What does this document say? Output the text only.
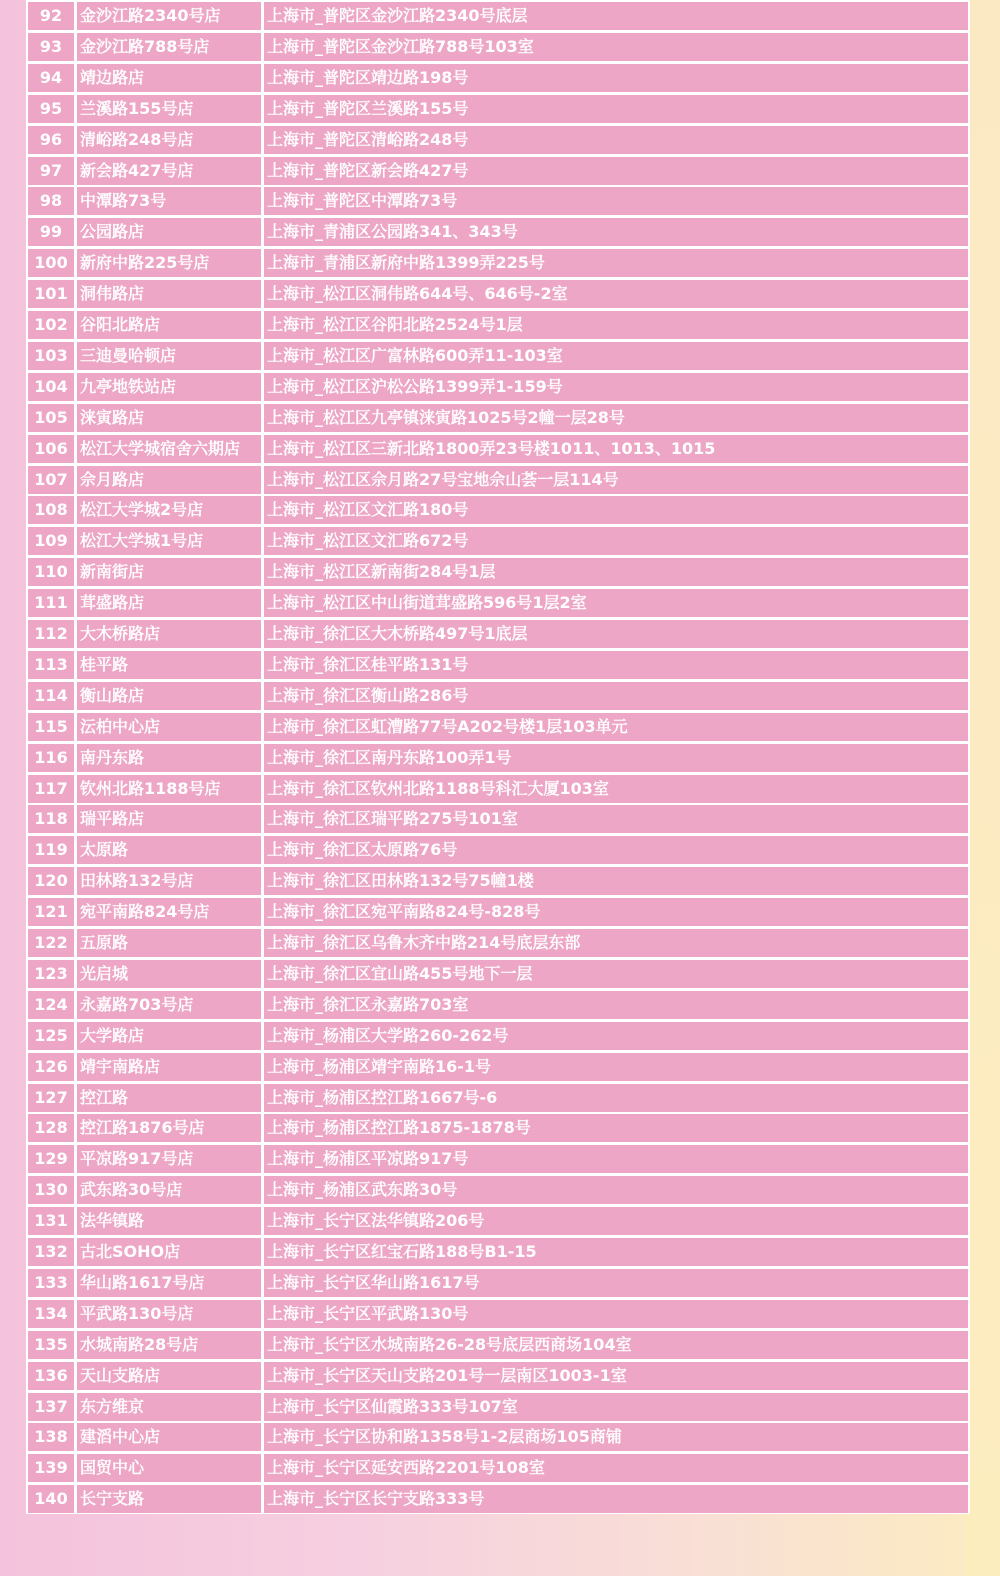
92	金沙江路2340号店	上海市_普陀区金沙江路2340号底层
93	金沙江路788号店	上海市_普陀区金沙江路788号103室
94	靖边路店	上海市_普陀区靖边路198号
95	兰溪路155号店	上海市_普陀区兰溪路155号
96	清峪路248号店	上海市_普陀区清峪路248号
97	新会路427号店	上海市_普陀区新会路427号
98	中潭路73号	上海市_普陀区中潭路73号
99	公园路店	上海市_青浦区公园路341、343号
100 新府中路225号店	上海市_青浦区新府中路1399弄225号
101 洞伟路店	上海市_松江区洞伟路644号、646号-2室
102 谷阳北路店	上海市_松江区谷阳北路2524号1层
103 三迪曼哈顿店	上海市_松江区广富林路600弄11-103室
104 九亭地铁站店	上海市_松江区沪松公路1399弄1-159号
105 涞寅路店	上海市_松江区九亭镇涞寅路1025号2幢一层28号
106 松江大学城宿舍六期店	上海市_松江区三新北路1800弄23号楼1011、1013、1015
107 佘月路店	上海市_松江区佘月路27号宝地佘山荟一层114号
108 松江大学城2号店	上海市_松江区文汇路180号
109 松江大学城1号店	上海市_松江区文汇路672号
110 新南街店	上海市_松江区新南街284号1层
111 茸盛路店	上海市_松江区中山街道茸盛路596号1层2室
112 大木桥路店	上海市_徐汇区大木桥路497号1底层
113 桂平路	上海市_徐汇区桂平路131号
114 衡山路店	上海市_徐汇区衡山路286号
115 沄柏中心店	上海市_徐汇区虹漕路77号A202号楼1层103单元
116 南丹东路	上海市_徐汇区南丹东路100弄1号
117 钦州北路1188号店	上海市_徐汇区钦州北路1188号科汇大厦103室
118 瑞平路店	上海市_徐汇区瑞平路275号101室
119 太原路	上海市_徐汇区太原路76号
120 田林路132号店	上海市_徐汇区田林路132号75幢1楼
121 宛平南路824号店	上海市_徐汇区宛平南路824号-828号
122 五原路	上海市_徐汇区乌鲁木齐中路214号底层东部
123 光启城	上海市_徐汇区宜山路455号地下一层
124 永嘉路703号店	上海市_徐汇区永嘉路703室
125 大学路店	上海市_杨浦区大学路260-262号
126 靖宇南路店	上海市_杨浦区靖宇南路16-1号
127 控江路	上海市_杨浦区控江路1667号-6
128 控江路1876号店	上海市_杨浦区控江路1875-1878号
129 平凉路917号店	上海市_杨浦区平凉路917号
130 武东路30号店	上海市_杨浦区武东路30号
131 法华镇路	上海市_长宁区法华镇路206号
132 古北SOHO店	上海市_长宁区红宝石路188号B1-15
133 华山路1617号店	上海市_长宁区华山路1617号
134 平武路130号店	上海市_长宁区平武路130号
135 水城南路28号店	上海市_长宁区水城南路26-28号底层西商场104室
136 天山支路店	上海市_长宁区天山支路201号一层南区1003-1室
137 东方维京	上海市_长宁区仙霞路333号107室
138 建滔中心店	上海市_长宁区协和路1358号1-2层商场105商铺
139 国贸中心	上海市_长宁区延安西路2201号108室
140 长宁支路	上海市_长宁区长宁支路333号
